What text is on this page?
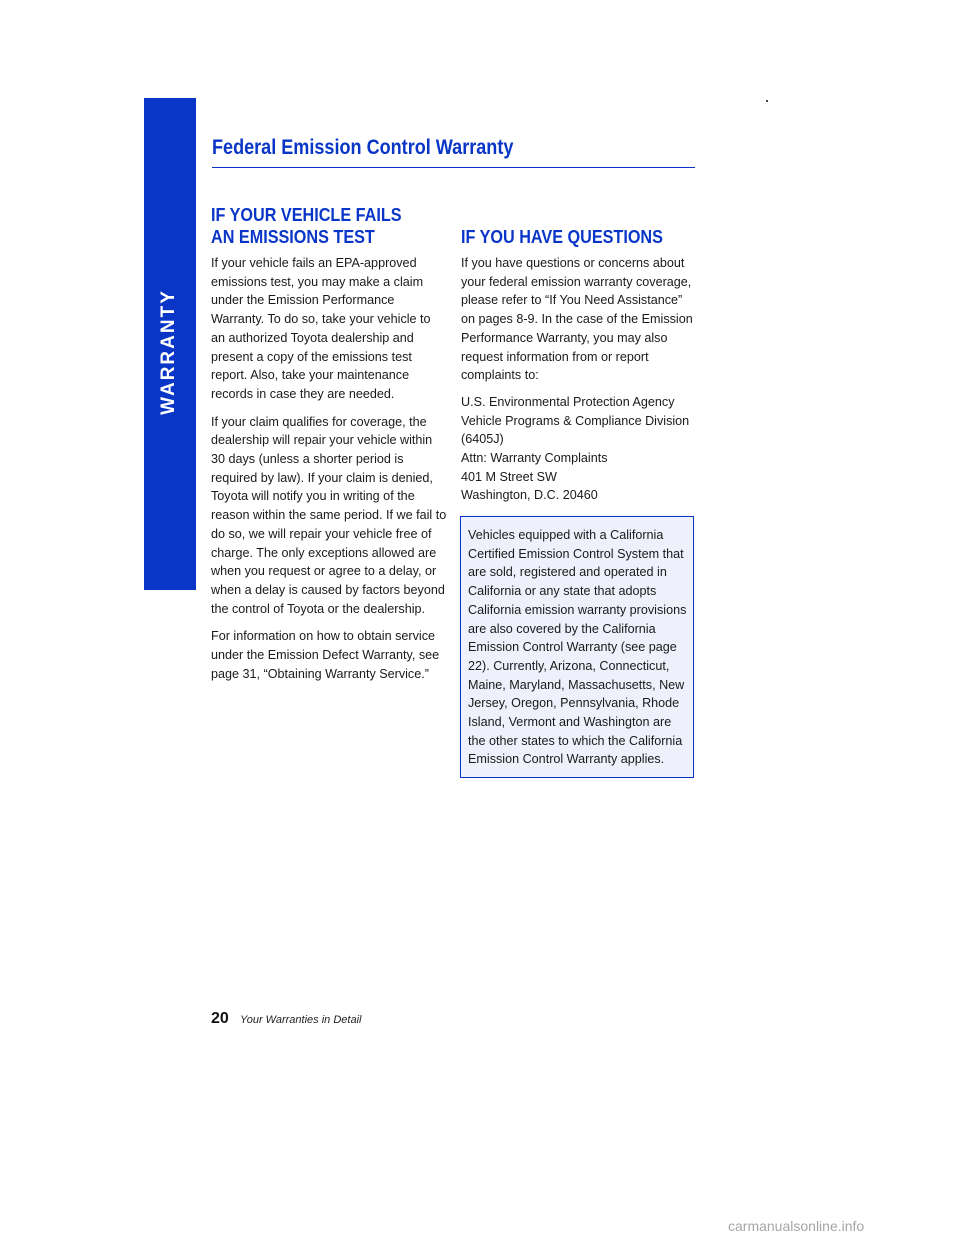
WARRANTY
Federal Emission Control Warranty
IF YOUR VEHICLE FAILS
AN EMISSIONS TEST

If your vehicle fails an EPA-approved emissions test, you may make a claim under the Emission Performance Warranty. To do so, take your vehicle to an authorized Toyota dealership and present a copy of the emissions test report. Also, take your maintenance records in case they are needed.

If your claim qualifies for coverage, the dealership will repair your vehicle within 30 days (unless a shorter period is required by law). If your claim is denied, Toyota will notify you in writing of the reason within the same period. If we fail to do so, we will repair your vehicle free of charge. The only exceptions allowed are when you request or agree to a delay, or when a delay is caused by factors beyond the control of Toyota or the dealership.

For information on how to obtain service under the Emission Defect Warranty, see page 31, “Obtaining Warranty Service.”

IF YOU HAVE QUESTIONS

If you have questions or concerns about your federal emission warranty coverage, please refer to “If You Need Assistance” on pages 8-9. In the case of the Emission Performance Warranty, you may also request information from or report complaints to:

U.S. Environmental Protection Agency
Vehicle Programs & Compliance Division
(6405J)
Attn: Warranty Complaints
401 M Street SW
Washington, D.C. 20460
Vehicles equipped with a California Certified Emission Control System that are sold, registered and operated in California or any state that adopts California emission warranty provisions are also covered by the California Emission Control Warranty (see page 22). Currently, Arizona, Connecticut, Maine, Maryland, Massachusetts, New Jersey, Oregon, Pennsylvania, Rhode Island, Vermont and Washington are the other states to which the California Emission Control Warranty applies.
20 Your Warranties in Detail
carmanualsonline.info
